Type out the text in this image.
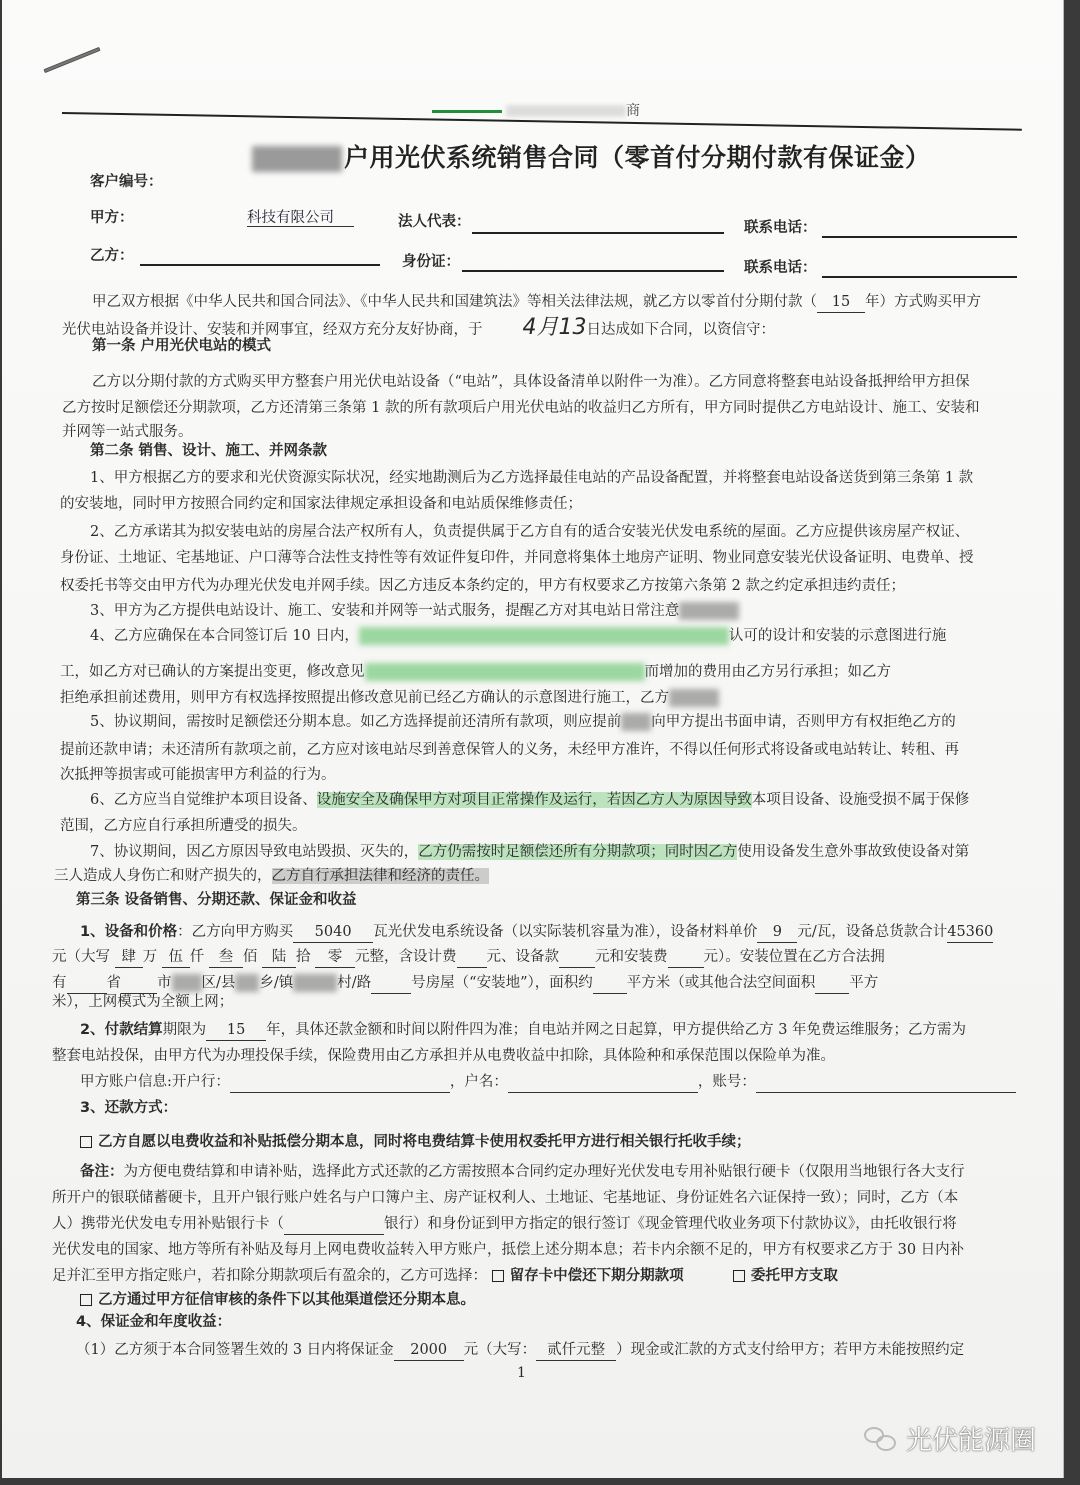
商
户用光伏系统销售合同（零首付分期付款有保证金）
客户编号：
甲方：	科技有限公司	法人代表：	联系电话：
乙方：	身份证：	联系电话：
甲乙双方根据《中华人民共和国合同法》、《中华人民共和国建筑法》等相关法律法规，就乙方以零首付分期付款（ 15 年）方式购买甲方
光伏电站设备并设计、安装和并网事宜，经双方充分友好协商，于 4月13日达成如下合同，以资信守：
第一条 户用光伏电站的模式
乙方以分期付款的方式购买甲方整套户用光伏电站设备（“电站”，具体设备清单以附件一为准）。乙方同意将整套电站设备抵押给甲方担保
乙方按时足额偿还分期款项，乙方还清第三条第 1 款的所有款项后户用光伏电站的收益归乙方所有，甲方同时提供乙方电站设计、施工、安装和
并网等一站式服务。
第二条 销售、设计、施工、并网条款
1、甲方根据乙方的要求和光伏资源实际状况，经实地勘测后为乙方选择最佳电站的产品设备配置，并将整套电站设备送货到第三条第 1 款
的安装地，同时甲方按照合同约定和国家法律规定承担设备和电站质保维修责任；
2、乙方承诺其为拟安装电站的房屋合法产权所有人，负责提供属于乙方自有的适合安装光伏发电系统的屋面。乙方应提供该房屋产权证、
身份证、土地证、宅基地证、户口薄等合法性支持性等有效证件复印件，并同意将集体土地房产证明、物业同意安装光伏设备证明、电费单、授
权委托书等交由甲方代为办理光伏发电并网手续。因乙方违反本条约定的，甲方有权要求乙方按第六条第 2 款之约定承担违约责任；
3、甲方为乙方提供电站设计、施工、安装和并网等一站式服务，提醒乙方对其电站日常注意
4、乙方应确保在本合同签订后 10 日内，	认可的设计和安装的示意图进行施
工，如乙方对已确认的方案提出变更，修改意见	而增加的费用由乙方另行承担；如乙方
拒绝承担前述费用，则甲方有权选择按照提出修改意见前已经乙方确认的示意图进行施工，乙方
5、协议期间，需按时足额偿还分期本息。如乙方选择提前还清所有款项，则应提前 向甲方提出书面申请，否则甲方有权拒绝乙方的
提前还款申请；未还清所有款项之前，乙方应对该电站尽到善意保管人的义务，未经甲方准许，不得以任何形式将设备或电站转让、转租、再
次抵押等损害或可能损害甲方利益的行为。
6、乙方应当自觉维护本项目设备、设施安全及确保甲方对项目正常操作及运行，若因乙方人为原因导致本项目设备、设施受损不属于保修
范围，乙方应自行承担所遭受的损失。
7、协议期间，因乙方原因导致电站毁损、灭失的，乙方仍需按时足额偿还所有分期款项；同时因乙方使用设备发生意外事故致使设备对第
三人造成人身伤亡和财产损失的，乙方自行承担法律和经济的责任。
第三条 设备销售、分期还款、保证金和收益
1、设备和价格：乙方向甲方购买 5040 瓦光伏发电系统设备（以实际装机容量为准），设备材料单价 9 元/瓦，设备总货款合计45360
元（大写 肆 万 伍 仟 叁 佰 陆 拾 零 元整，含设计费 元、设备款 元和安装费 元）。安装位置在乙方合法拥
有	省 市 区/县 乡/镇	村/路	号房屋（“安装地”），面积约 平方米（或其他合法空间面积 平方
米），上网模式为全额上网；
2、付款结算期限为 15 年，具体还款金额和时间以附件四为准；自电站并网之日起算，甲方提供给乙方 3 年免费运维服务；乙方需为
整套电站投保，由甲方代为办理投保手续，保险费用由乙方承担并从电费收益中扣除，具体险种和承保范围以保险单为准。
甲方账户信息:开户行：	，户名：	，账号：
3、还款方式：
乙方自愿以电费收益和补贴抵偿分期本息，同时将电费结算卡使用权委托甲方进行相关银行托收手续；
备注：为方便电费结算和申请补贴，选择此方式还款的乙方需按照本合同约定办理好光伏发电专用补贴银行硬卡（仅限用当地银行各大支行
所开户的银联储蓄硬卡，且开户银行账户姓名与户口簿户主、房产证权利人、土地证、宅基地证、身份证姓名六证保持一致）；同时，乙方（本
人）携带光伏发电专用补贴银行卡（	银行）和身份证到甲方指定的银行签订《现金管理代收业务项下付款协议》，由托收银行将
光伏发电的国家、地方等所有补贴及每月上网电费收益转入甲方账户，抵偿上述分期本息；若卡内余额不足的，甲方有权要求乙方于 30 日内补
足并汇至甲方指定账户，若扣除分期款项后有盈余的，乙方可选择： 留存卡中偿还下期分期款项	委托甲方支取
乙方通过甲方征信审核的条件下以其他渠道偿还分期本息。
4、保证金和年度收益：
（1）乙方须于本合同签署生效的 3 日内将保证金 2000 元（大写： 贰仟元整 ）现金或汇款的方式支付给甲方；若甲方未能按照约定
1
光伏能源圈
